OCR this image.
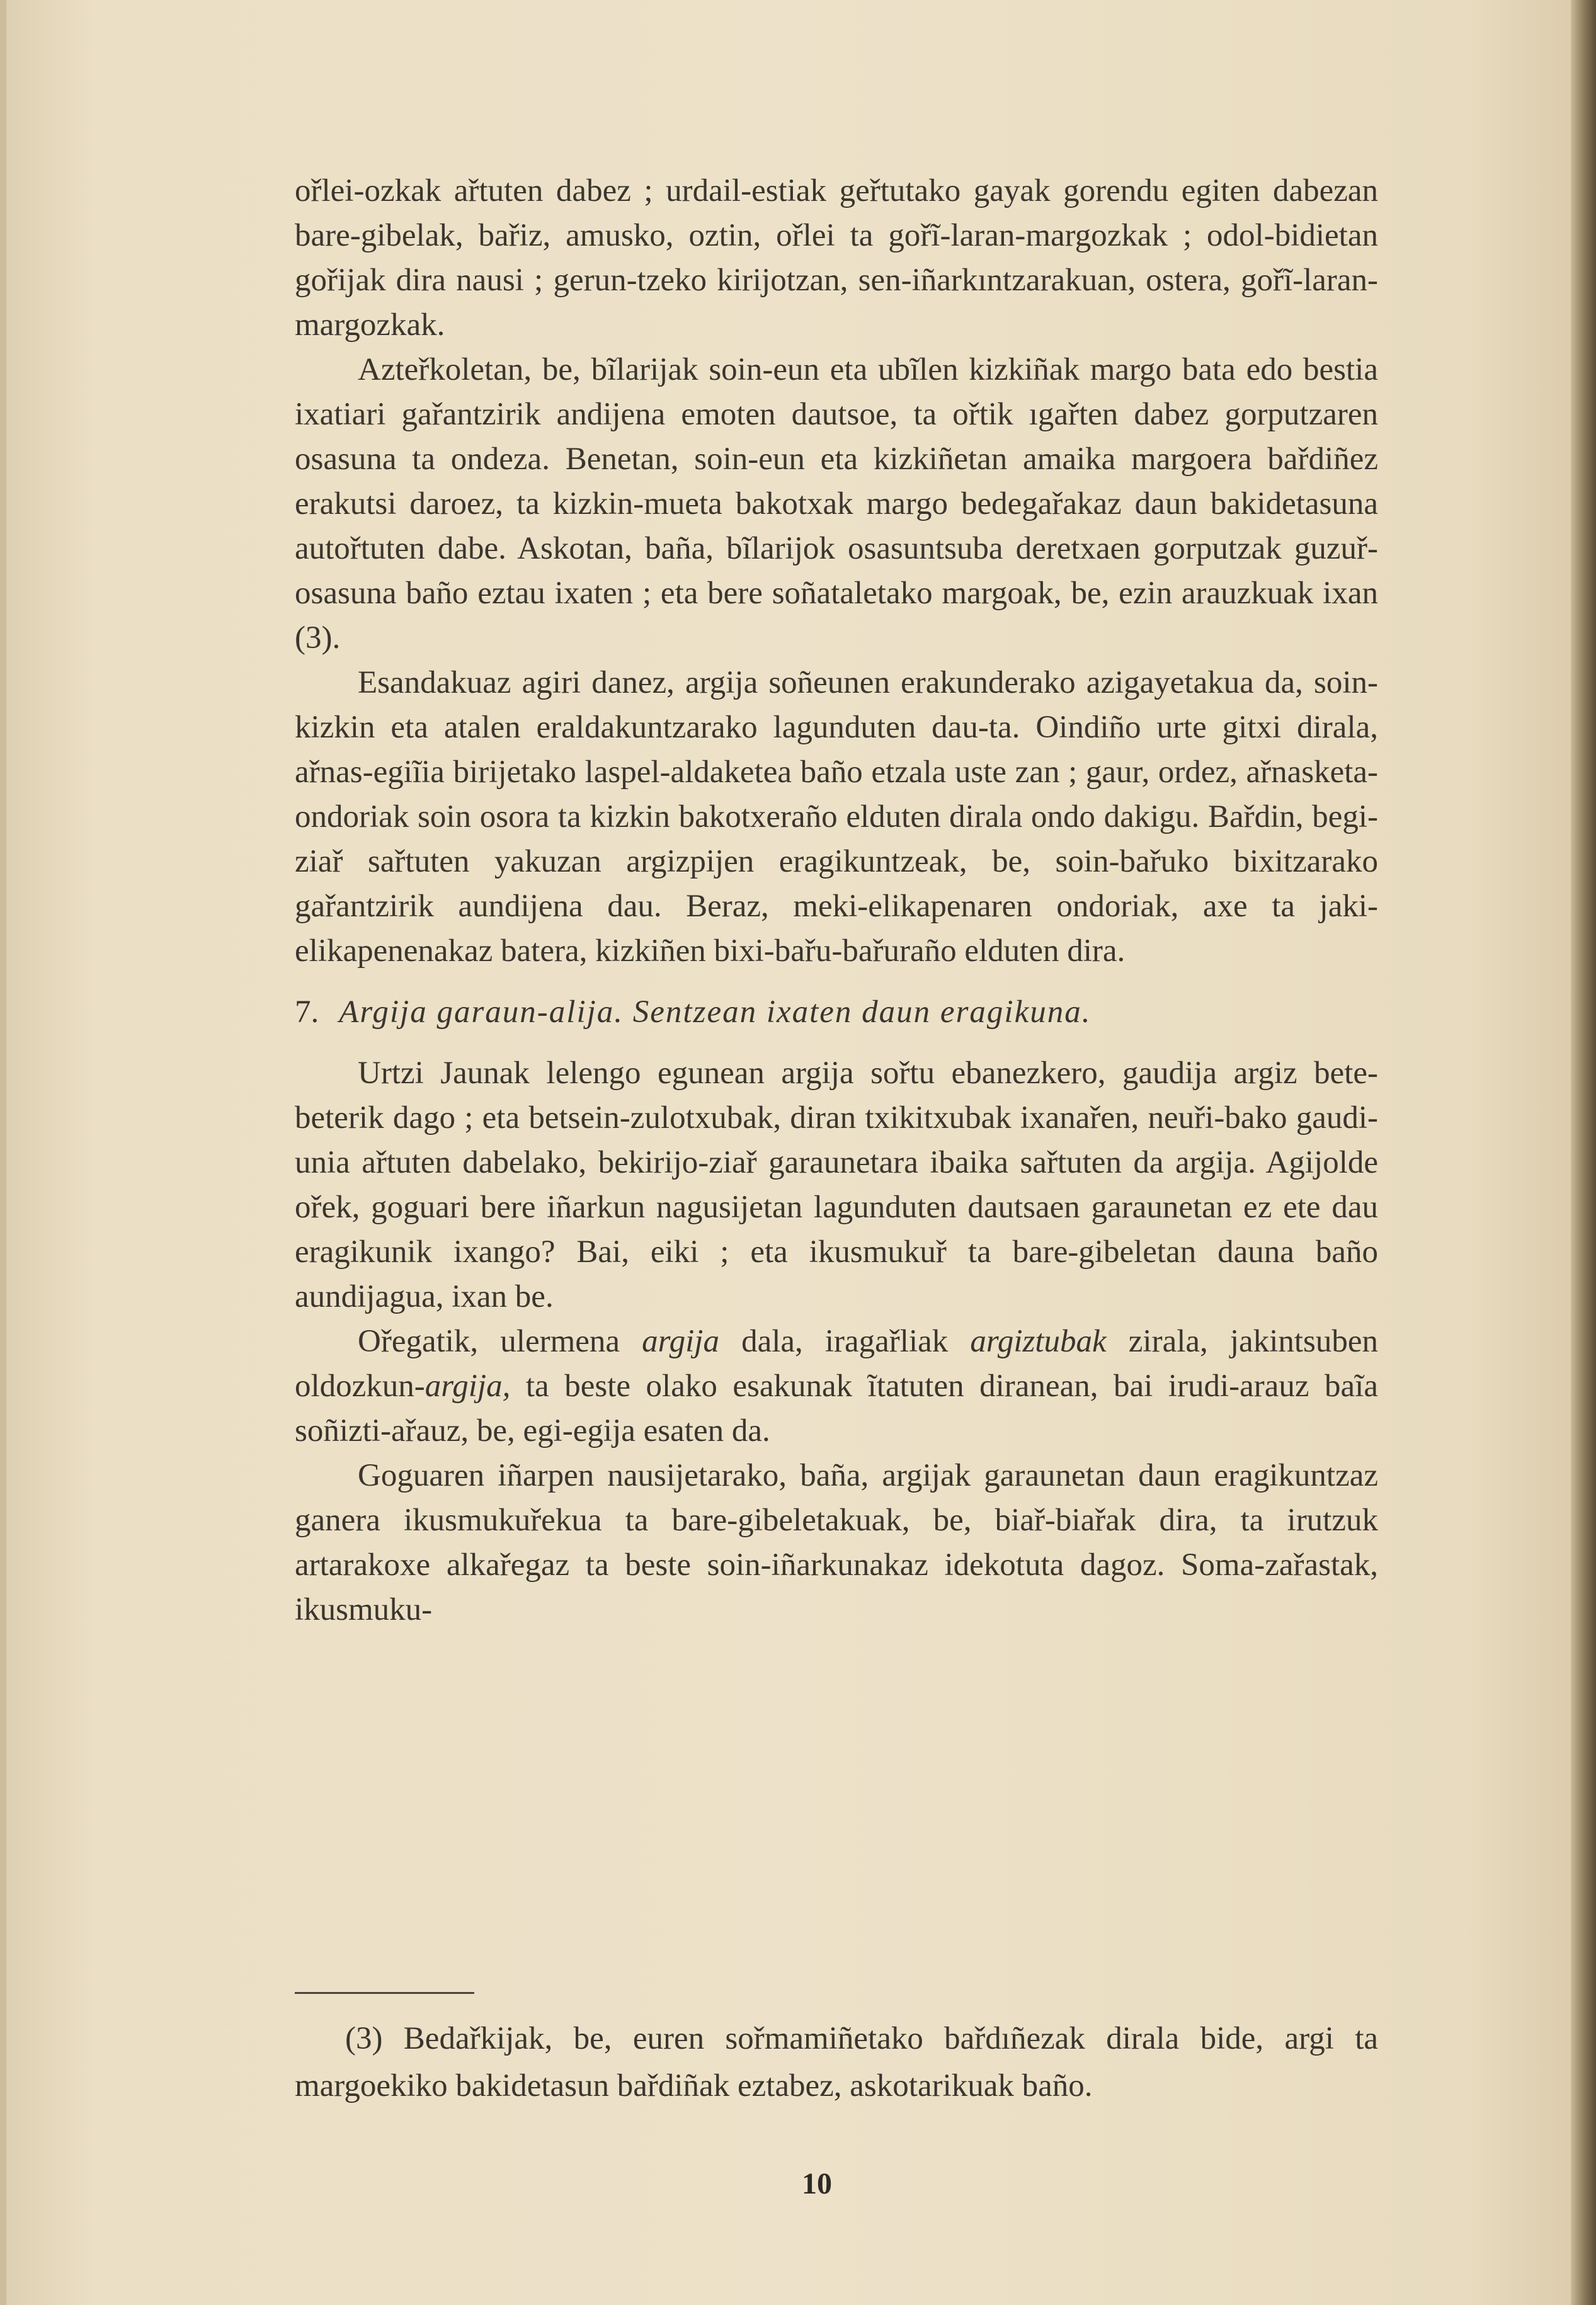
ořlei-ozkak ařtuten dabez ; urdail-estiak geřtutako gayak gorendu egiten dabezan bare-gibelak, bařiz, amusko, oztin, ořlei ta gořĩ-laran-margozkak ; odol-bidietan gořijak dira nausi ; gerun-tzeko kirijotzan, sen-iñarkıntzarakuan, ostera, gořĩ-laran-margozkak.

Azteřkoletan, be, bĩlarijak soin-eun eta ubĩlen kizkiñak margo bata edo bestia ixatiari gařantzirik andijena emoten dautsoe, ta ořtik ıgařten dabez gorputzaren osasuna ta ondeza. Benetan, soin-eun eta kizkiñetan amaika margoera bařdiñez erakutsi daroez, ta kizkin-mueta bakotxak margo bedegařakaz daun bakidetasuna autořtuten dabe. Askotan, baña, bĩlarijok osasuntsuba deretxaen gorputzak guzuř-osasuna baño eztau ixaten ; eta bere soñataletako margoak, be, ezin arauzkuak ixan (3).

Esandakuaz agiri danez, argija soñeunen erakunderako azigayetakua da, soin-kizkin eta atalen eraldakuntzarako lagunduten dau-ta. Oindiño urte gitxi dirala, ařnas-egiĩia birijetako laspel-aldaketea baño etzala uste zan ; gaur, ordez, ařnasketa-ondoriak soin osora ta kizkin bakotxeraño elduten dirala ondo dakigu. Bařdin, begi-ziař sařtuten yakuzan argizpijen eragikuntzeak, be, soin-bařuko bixitzarako gařantzirik aundijena dau. Beraz, meki-elikapenaren ondoriak, axe ta jaki-elikapenenakaz batera, kizkiñen bixi-bařu-bařuraño elduten dira.

7. Argija garaun-alija. Sentzean ixaten daun eragikuna.

Urtzi Jaunak lelengo egunean argija sořtu ebanezkero, gaudija argiz bete-beterik dago ; eta betsein-zulotxubak, diran txikitxubak ixanařen, neuři-bako gaudi-unia ařtuten dabelako, bekirijo-ziař garaunetara ibaika sařtuten da argija. Agijolde ořek, goguari bere iñarkun nagusijetan lagunduten dautsaen garaunetan ez ete dau eragikunik ixango? Bai, eiki ; eta ikusmukuř ta bare-gibeletan dauna baño aundijagua, ixan be.

Ořegatik, ulermena argija dala, iragařliak argiztubak zirala, jakintsuben oldozkun-argija, ta beste olako esakunak ĩtatuten diranean, bai irudi-arauz baĩa soñizti-ařauz, be, egi-egija esaten da.

Goguaren iñarpen nausijetarako, baña, argijak garaunetan daun eragikuntzaz ganera ikusmukuřekua ta bare-gibeletakuak, be, biař-biařak dira, ta irutzuk artarakoxe alkařegaz ta beste soin-iñarkunakaz idekotuta dagoz. Soma-zařastak, ikusmuku-

(3) Bedařkijak, be, euren sořmamiñetako bařdıñezak dirala bide, argi ta margoekiko bakidetasun bařdiñak eztabez, askotarikuak baño.

10
